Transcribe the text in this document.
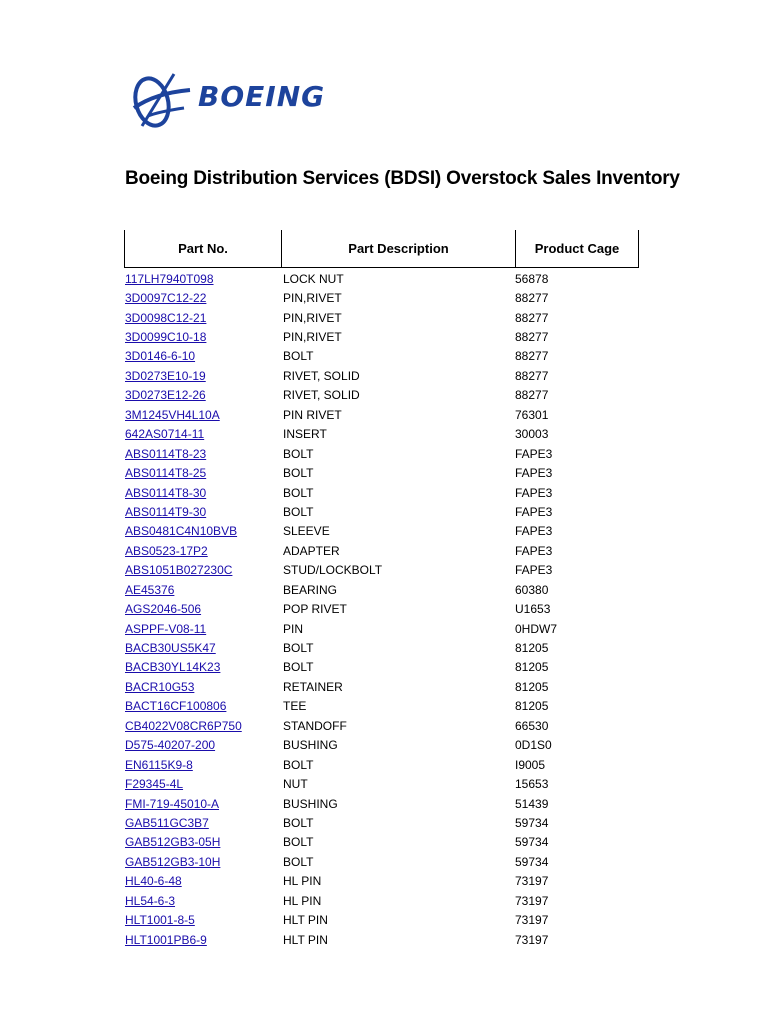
BOEING
Boeing Distribution Services (BDSI) Overstock Sales Inventory
Part No.	Part Description	Product Cage
117LH7940T098	LOCK NUT	56878
3D0097C12-22	PIN,RIVET	88277
3D0098C12-21	PIN,RIVET	88277
3D0099C10-18	PIN,RIVET	88277
3D0146-6-10	BOLT	88277
3D0273E10-19	RIVET, SOLID	88277
3D0273E12-26	RIVET, SOLID	88277
3M1245VH4L10A	PIN RIVET	76301
642AS0714-11	INSERT	30003
ABS0114T8-23	BOLT	FAPE3
ABS0114T8-25	BOLT	FAPE3
ABS0114T8-30	BOLT	FAPE3
ABS0114T9-30	BOLT	FAPE3
ABS0481C4N10BVB	SLEEVE	FAPE3
ABS0523-17P2	ADAPTER	FAPE3
ABS1051B027230C	STUD/LOCKBOLT	FAPE3
AE45376	BEARING	60380
AGS2046-506	POP RIVET	U1653
ASPPF-V08-11	PIN	0HDW7
BACB30US5K47	BOLT	81205
BACB30YL14K23	BOLT	81205
BACR10G53	RETAINER	81205
BACT16CF100806	TEE	81205
CB4022V08CR6P750	STANDOFF	66530
D575-40207-200	BUSHING	0D1S0
EN6115K9-8	BOLT	I9005
F29345-4L	NUT	15653
FMI-719-45010-A	BUSHING	51439
GAB511GC3B7	BOLT	59734
GAB512GB3-05H	BOLT	59734
GAB512GB3-10H	BOLT	59734
HL40-6-48	HL PIN	73197
HL54-6-3	HL PIN	73197
HLT1001-8-5	HLT PIN	73197
HLT1001PB6-9	HLT PIN	73197
